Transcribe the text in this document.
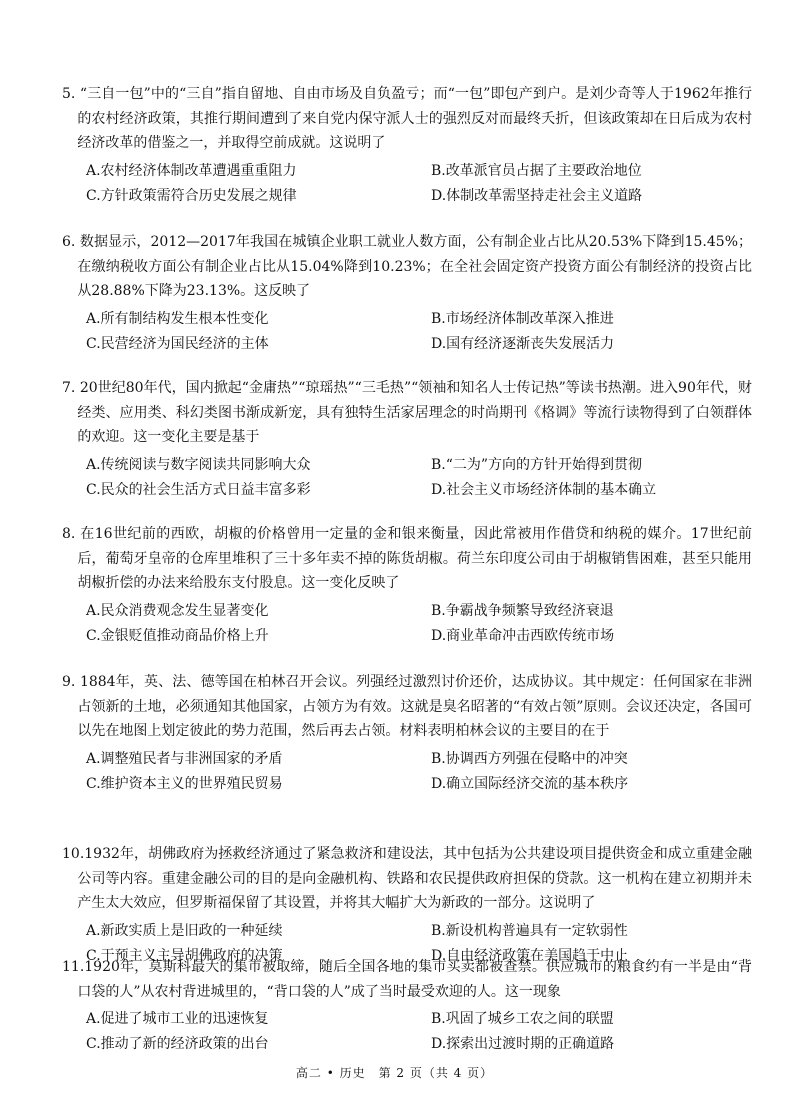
5. “三自一包”中的“三自”指自留地、自由市场及自负盈亏；而“一包”即包产到户。是刘少奇等人于1962年推行的农村经济政策，其推行期间遭到了来自党内保守派人士的强烈反对而最终夭折，但该政策却在日后成为农村经济改革的借鉴之一，并取得空前成就。这说明了
A.农村经济体制改革遭遇重重阻力	B.改革派官员占据了主要政治地位
C.方针政策需符合历史发展之规律	D.体制改革需坚持走社会主义道路
6. 数据显示，2012—2017年我国在城镇企业职工就业人数方面，公有制企业占比从20.53%下降到15.45%；在缴纳税收方面公有制企业占比从15.04%降到10.23%；在全社会固定资产投资方面公有制经济的投资占比从28.88%下降为23.13%。这反映了
A.所有制结构发生根本性变化	B.市场经济体制改革深入推进
C.民营经济为国民经济的主体	D.国有经济逐渐丧失发展活力
7. 20世纪80年代，国内掀起“金庸热”“琼瑶热”“三毛热”“领袖和知名人士传记热”等读书热潮。进入90年代，财经类、应用类、科幻类图书渐成新宠，具有独特生活家居理念的时尚期刊《格调》等流行读物得到了白领群体的欢迎。这一变化主要是基于
A.传统阅读与数字阅读共同影响大众	B.“二为”方向的方针开始得到贯彻
C.民众的社会生活方式日益丰富多彩	D.社会主义市场经济体制的基本确立
8. 在16世纪前的西欧，胡椒的价格曾用一定量的金和银来衡量，因此常被用作借贷和纳税的媒介。17世纪前后，葡萄牙皇帝的仓库里堆积了三十多年卖不掉的陈货胡椒。荷兰东印度公司由于胡椒销售困难，甚至只能用胡椒折偿的办法来给股东支付股息。这一变化反映了
A.民众消费观念发生显著变化	B.争霸战争频繁导致经济衰退
C.金银贬值推动商品价格上升	D.商业革命冲击西欧传统市场
9. 1884年，英、法、德等国在柏林召开会议。列强经过激烈讨价还价，达成协议。其中规定：任何国家在非洲占领新的土地，必须通知其他国家，占领方为有效。这就是臭名昭著的“有效占领”原则。会议还决定，各国可以先在地图上划定彼此的势力范围，然后再去占领。材料表明柏林会议的主要目的在于
A.调整殖民者与非洲国家的矛盾	B.协调西方列强在侵略中的冲突
C.维护资本主义的世界殖民贸易	D.确立国际经济交流的基本秩序
10.1932年，胡佛政府为拯救经济通过了紧急救济和建设法，其中包括为公共建设项目提供资金和成立重建金融公司等内容。重建金融公司的目的是向金融机构、铁路和农民提供政府担保的贷款。这一机构在建立初期并未产生太大效应，但罗斯福保留了其设置，并将其大幅扩大为新政的一部分。这说明了
A.新政实质上是旧政的一种延续	B.新设机构普遍具有一定软弱性
C.干预主义主导胡佛政府的决策	D.自由经济政策在美国趋于中止
11.1920年，莫斯科最大的集市被取缔，随后全国各地的集市买卖都被查禁。供应城市的粮食约有一半是由“背口袋的人”从农村背进城里的，“背口袋的人”成了当时最受欢迎的人。这一现象
A.促进了城市工业的迅速恢复	B.巩固了城乡工农之间的联盟
C.推动了新的经济政策的出台	D.探索出过渡时期的正确道路
高二 • 历史　第 2 页（共 4 页）
